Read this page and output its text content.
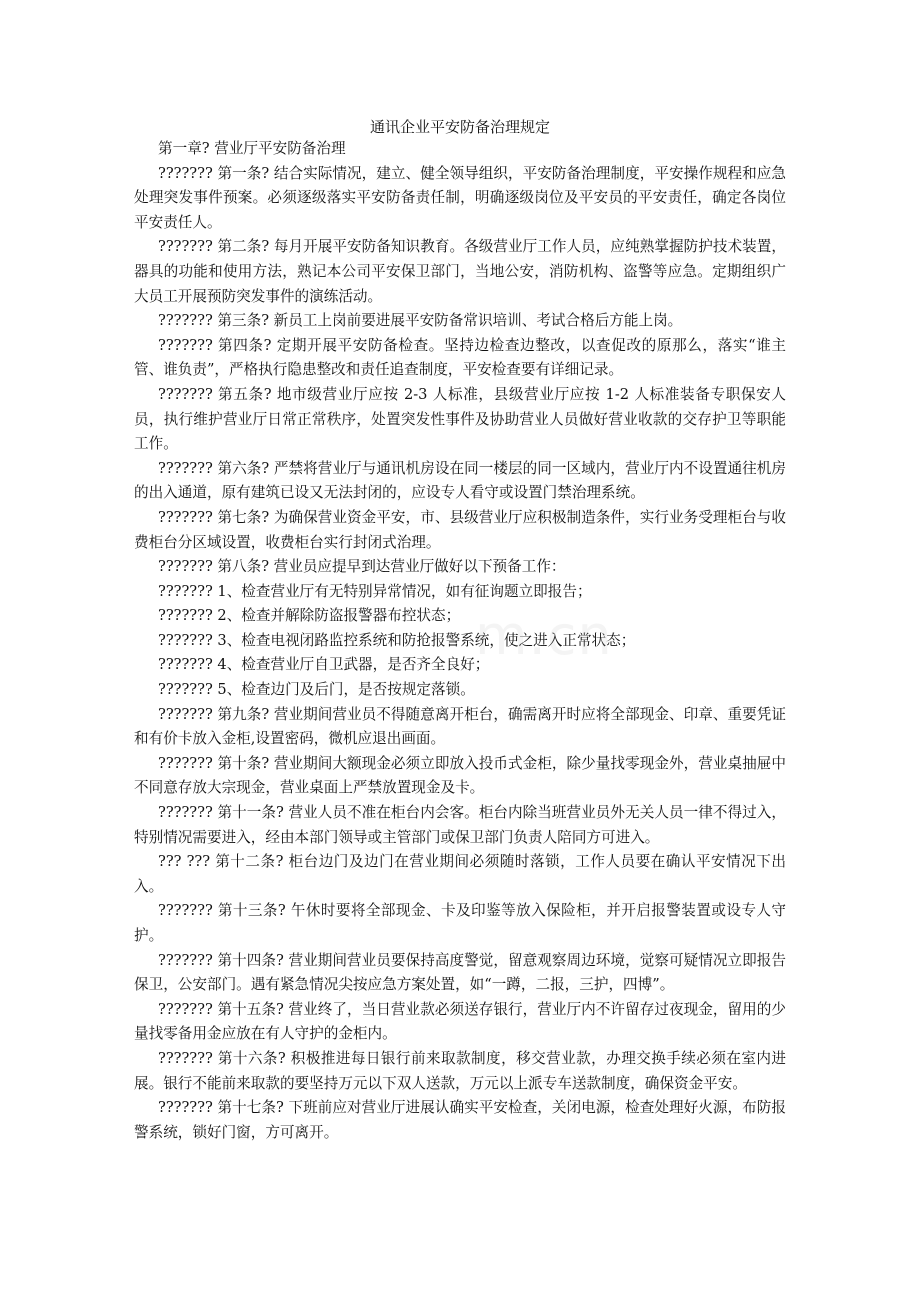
通讯企业平安防备治理规定

第一章? 营业厅平安防备治理

??????? 第一条? 结合实际情况，建立、健全领导组织，平安防备治理制度，平安操作规程和应急处理突发事件预案。必须逐级落实平安防备责任制，明确逐级岗位及平安员的平安责任，确定各岗位平安责任人。

??????? 第二条? 每月开展平安防备知识教育。各级营业厅工作人员，应纯熟掌握防护技术装置，器具的功能和使用方法，熟记本公司平安保卫部门，当地公安，消防机构、盗警等应急。定期组织广大员工开展预防突发事件的演练活动。

??????? 第三条? 新员工上岗前要进展平安防备常识培训、考试合格后方能上岗。

??????? 第四条? 定期开展平安防备检查。坚持边检查边整改，以查促改的原那么，落实“谁主管、谁负责”，严格执行隐患整改和责任追查制度，平安检查要有详细记录。

??????? 第五条? 地市级营业厅应按 2-3 人标准，县级营业厅应按 1-2 人标准装备专职保安人员，执行维护营业厅日常正常秩序，处置突发性事件及协助营业人员做好营业收款的交存护卫等职能工作。

??????? 第六条? 严禁将营业厅与通讯机房设在同一楼层的同一区域内，营业厅内不设置通往机房的出入通道，原有建筑已设又无法封闭的，应设专人看守或设置门禁治理系统。

??????? 第七条? 为确保营业资金平安，市、县级营业厅应积极制造条件，实行业务受理柜台与收费柜台分区域设置，收费柜台实行封闭式治理。

??????? 第八条? 营业员应提早到达营业厅做好以下预备工作：

??????? 1、检查营业厅有无特别异常情况，如有征询题立即报告；

??????? 2、检查并解除防盗报警器布控状态；

??????? 3、检查电视闭路监控系统和防抢报警系统，使之进入正常状态；

??????? 4、检查营业厅自卫武器，是否齐全良好；

??????? 5、检查边门及后门，是否按规定落锁。

??????? 第九条? 营业期间营业员不得随意离开柜台，确需离开时应将全部现金、印章、重要凭证和有价卡放入金柜,设置密码，微机应退出画面。

??????? 第十条? 营业期间大额现金必须立即放入投币式金柜，除少量找零现金外，营业桌抽屉中不同意存放大宗现金，营业桌面上严禁放置现金及卡。

??????? 第十一条? 营业人员不准在柜台内会客。柜台内除当班营业员外无关人员一律不得过入，特别情况需要进入，经由本部门领导或主管部门或保卫部门负责人陪同方可进入。

??? ??? 第十二条? 柜台边门及边门在营业期间必须随时落锁，工作人员要在确认平安情况下出入。

??????? 第十三条? 午休时要将全部现金、卡及印鉴等放入保险柜，并开启报警装置或设专人守护。

??????? 第十四条? 营业期间营业员要保持高度警觉，留意观察周边环境，觉察可疑情况立即报告保卫，公安部门。遇有紧急情况尖按应急方案处置，如“一蹲，二报，三护，四博”。

??????? 第十五条? 营业终了，当日营业款必须送存银行，营业厅内不许留存过夜现金，留用的少量找零备用金应放在有人守护的金柜内。

??????? 第十六条? 积极推进每日银行前来取款制度，移交营业款，办理交换手续必须在室内进展。银行不能前来取款的要坚持万元以下双人送款，万元以上派专车送款制度，确保资金平安。

??????? 第十七条? 下班前应对营业厅进展认确实平安检查，关闭电源，检查处理好火源，布防报警系统，锁好门窗，方可离开。

m.cn
